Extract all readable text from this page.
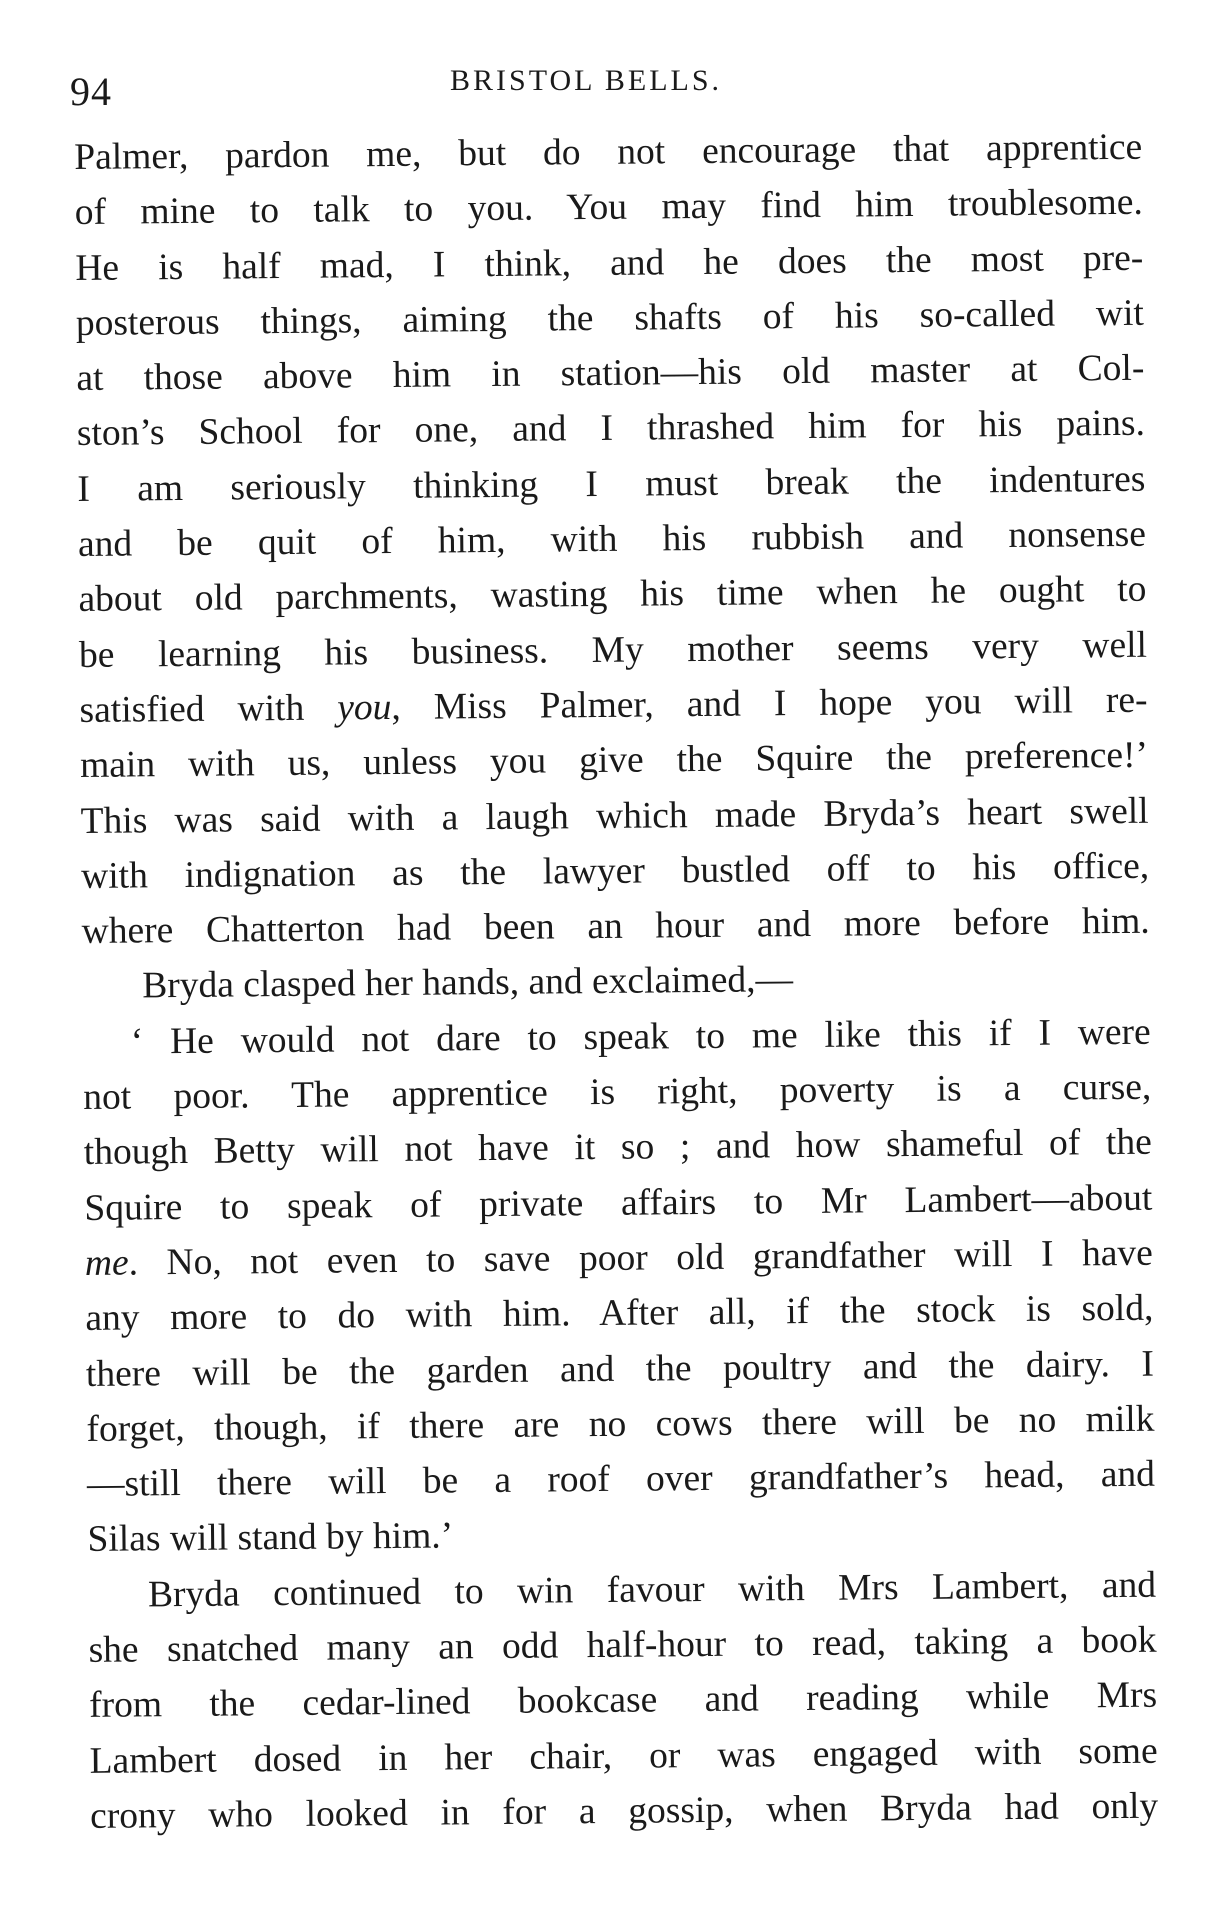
94	BRISTOL BELLS.
Palmer, pardon me, but do not encourage that apprentice
of mine to talk to you. You may find him troublesome.
He is half mad, I think, and he does the most pre-
posterous things, aiming the shafts of his so-called wit
at those above him in station—his old master at Col-
ston’s School for one, and I thrashed him for his pains.
I am seriously thinking I must break the indentures
and be quit of him, with his rubbish and nonsense
about old parchments, wasting his time when he ought to
be learning his business. My mother seems very well
satisfied with you, Miss Palmer, and I hope you will re-
main with us, unless you give the Squire the preference!’
This was said with a laugh which made Bryda’s heart swell
with indignation as the lawyer bustled off to his office,
where Chatterton had been an hour and more before him.
Bryda clasped her hands, and exclaimed,—
‘ He would not dare to speak to me like this if I were
not poor. The apprentice is right, poverty is a curse,
though Betty will not have it so ; and how shameful of the
Squire to speak of private affairs to Mr Lambert—about
me. No, not even to save poor old grandfather will I have
any more to do with him. After all, if the stock is sold,
there will be the garden and the poultry and the dairy. I
forget, though, if there are no cows there will be no milk
—still there will be a roof over grandfather’s head, and
Silas will stand by him.’
Bryda continued to win favour with Mrs Lambert, and
she snatched many an odd half-hour to read, taking a book
from the cedar-lined bookcase and reading while Mrs
Lambert dosed in her chair, or was engaged with some
crony who looked in for a gossip, when Bryda had only
